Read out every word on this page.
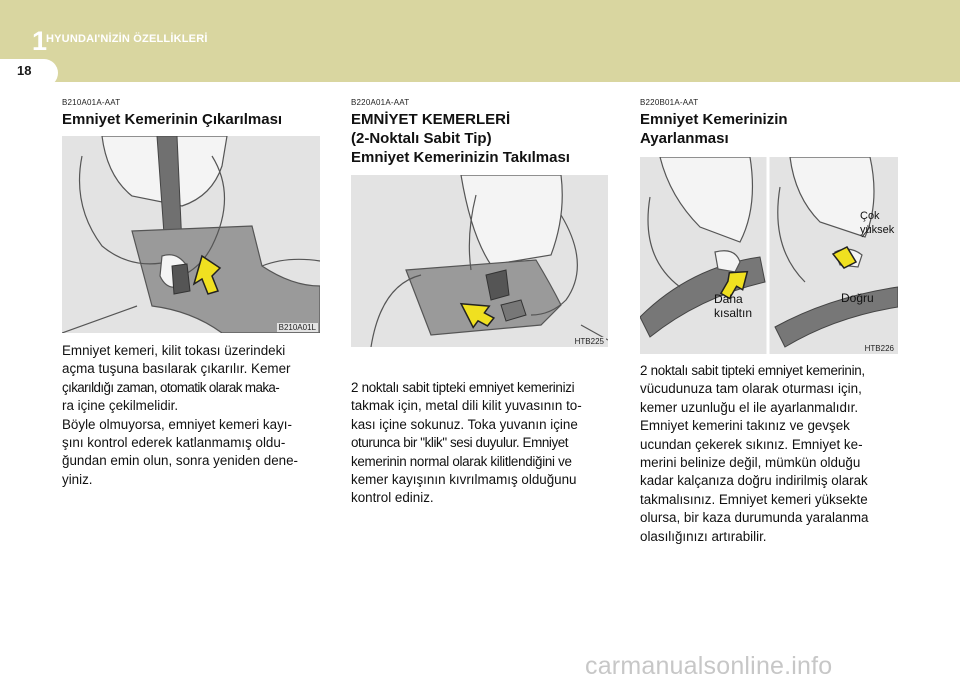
1
HYUNDAI'NİZİN ÖZELLİKLERİ
18
B210A01A-AAT
Emniyet Kemerinin Çıkarılması
B210A01L
Emniyet kemeri, kilit tokası üzerindeki
açma tuşuna basılarak çıkarılır. Kemer
çıkarıldığı zaman, otomatik olarak maka-
ra içine çekilmelidir.
Böyle olmuyorsa, emniyet kemeri kayı-
şını kontrol ederek katlanmamış oldu-
ğundan emin olun, sonra yeniden dene-
yiniz.
B220A01A-AAT
EMNİYET KEMERLERİ
(2-Noktalı Sabit Tip)
Emniyet Kemerinizin Takılması
HTB225
2 noktalı sabit tipteki emniyet kemerinizi
takmak için, metal dili kilit yuvasının to-
kası içine sokunuz. Toka yuvanın içine
oturunca bir "klik" sesi duyulur. Emniyet
kemerinin normal olarak kilitlendiğini ve
kemer kayışının kıvrılmamış olduğunu
kontrol ediniz.
B220B01A-AAT
Emniyet Kemerinizin
Ayarlanması
Daha
kısaltın
Doğru
Çok
yüksek
HTB226
2 noktalı sabit tipteki emniyet kemerinin,
vücudunuza tam olarak oturması için,
kemer uzunluğu el ile ayarlanmalıdır.
Emniyet kemerini takınız ve gevşek
ucundan çekerek sıkınız. Emniyet ke-
merini belinize değil, mümkün olduğu
kadar kalçanıza doğru indirilmiş olarak
takmalısınız. Emniyet kemeri yüksekte
olursa, bir kaza durumunda yaralanma
olasılığınızı artırabilir.
carmanualsonline.info
